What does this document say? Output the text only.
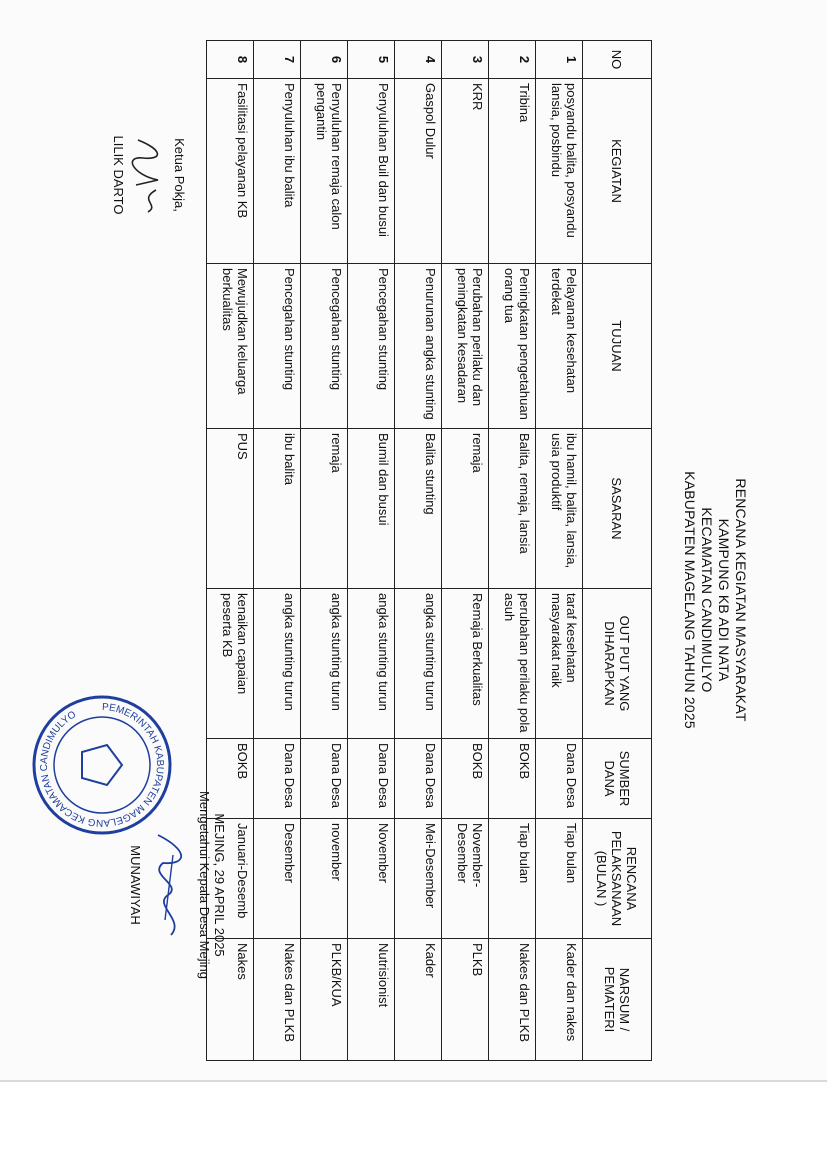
RENCANA KEGIATAN MASYARAKAT
KAMPUNG KB ADI NATA
KECAMATAN CANDIMULYO
KABUPATEN MAGELANG TAHUN 2025
NO	KEGIATAN	TUJUAN	SASARAN	OUT PUT YANG DIHARAPKAN	SUMBER DANA	RENCANA PELAKSANAAN (BULAN )	NARSUM / PEMATERI
1	posyandu balita, posyandu lansia, posbindu	Pelayanan kesehatan terdekat	ibu hamil, balita, lansia, usia produktif	taraf kesehatan masyarakat naik	Dana Desa	Tiap bulan	Kader dan nakes
2	Tribina	Peningkatan pengetahuan orang tua	Balita, remaja, lansia	perubahan perilaku pola asuh	BOKB	Tiap bulan	Nakes dan PLKB
3	KRR	Perubahan perilaku dan peningkatan kesadaran	remaja	Remaja Berkualitas	BOKB	November-Desember	PLKB
4	Gaspol Dulur	Penurunan angka stunting	Balita stunting	angka stunting turun	Dana Desa	Mei-Desember	Kader
5	Penyuluhan Buil dan busui	Pencegahan stunting	Bumil dan busui	angka stunting turun	Dana Desa	November	Nutrisionist
6	Penyuluhan remaja calon pengantin	Pencegahan stunting	remaja	angka stunting turun	Dana Desa	november	PLKB/KUA
7	Penyuluhan ibu balita	Pencegahan stunting	ibu balita	angka stunting turun	Dana Desa	Desember	Nakes dan PLKB
8	Fasilitasi pelayanan KB	Mewujudkan keluarga berkualitas	PUS	kenaikan capaian peserta KB	BOKB	Januari-Desemb	Nakes
Ketua Pokja,
LILIK DARTO
MEJING, 29 APRIL 2025
Mengetahui Kepala Desa Mejing
MUNAWIYAH
PEMERINTAH KABUPATEN MAGELANG KECAMATAN CANDIMULYO
